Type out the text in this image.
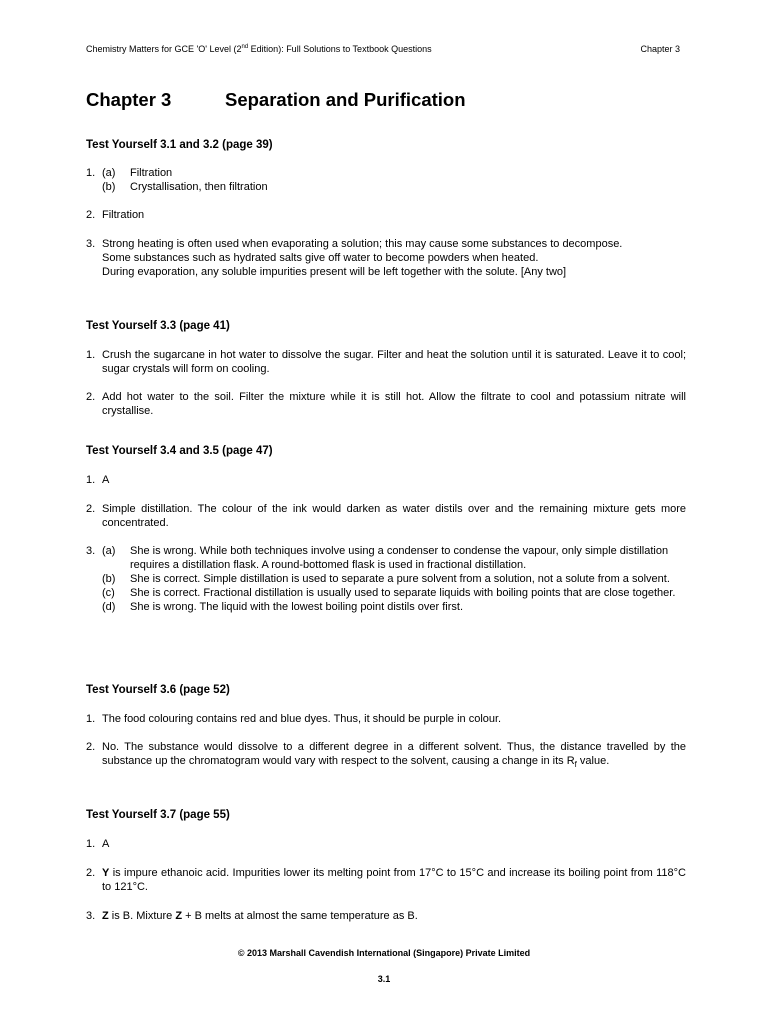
Chemistry Matters for GCE 'O' Level (2nd Edition): Full Solutions to Textbook Questions	Chapter 3
Chapter 3	Separation and Purification
Test Yourself 3.1 and 3.2 (page 39)
1. (a) Filtration
(b) Crystallisation, then filtration
2. Filtration
3. Strong heating is often used when evaporating a solution; this may cause some substances to decompose.
Some substances such as hydrated salts give off water to become powders when heated.
During evaporation, any soluble impurities present will be left together with the solute. [Any two]
Test Yourself 3.3 (page 41)
1. Crush the sugarcane in hot water to dissolve the sugar. Filter and heat the solution until it is saturated. Leave it to cool; sugar crystals will form on cooling.
2. Add hot water to the soil. Filter the mixture while it is still hot. Allow the filtrate to cool and potassium nitrate will crystallise.
Test Yourself 3.4 and 3.5 (page 47)
1. A
2. Simple distillation. The colour of the ink would darken as water distils over and the remaining mixture gets more concentrated.
3. (a) She is wrong. While both techniques involve using a condenser to condense the vapour, only simple distillation requires a distillation flask. A round-bottomed flask is used in fractional distillation.
(b) She is correct. Simple distillation is used to separate a pure solvent from a solution, not a solute from a solvent.
(c) She is correct. Fractional distillation is usually used to separate liquids with boiling points that are close together.
(d) She is wrong. The liquid with the lowest boiling point distils over first.
Test Yourself 3.6 (page 52)
1. The food colouring contains red and blue dyes. Thus, it should be purple in colour.
2. No. The substance would dissolve to a different degree in a different solvent. Thus, the distance travelled by the substance up the chromatogram would vary with respect to the solvent, causing a change in its $R_f$ value.
Test Yourself 3.7 (page 55)
1. A
2. Y is impure ethanoic acid. Impurities lower its melting point from 17°C to 15°C and increase its boiling point from 118°C to 121°C.
3. Z is B. Mixture Z + B melts at almost the same temperature as B.
© 2013 Marshall Cavendish International (Singapore) Private Limited
3.1
